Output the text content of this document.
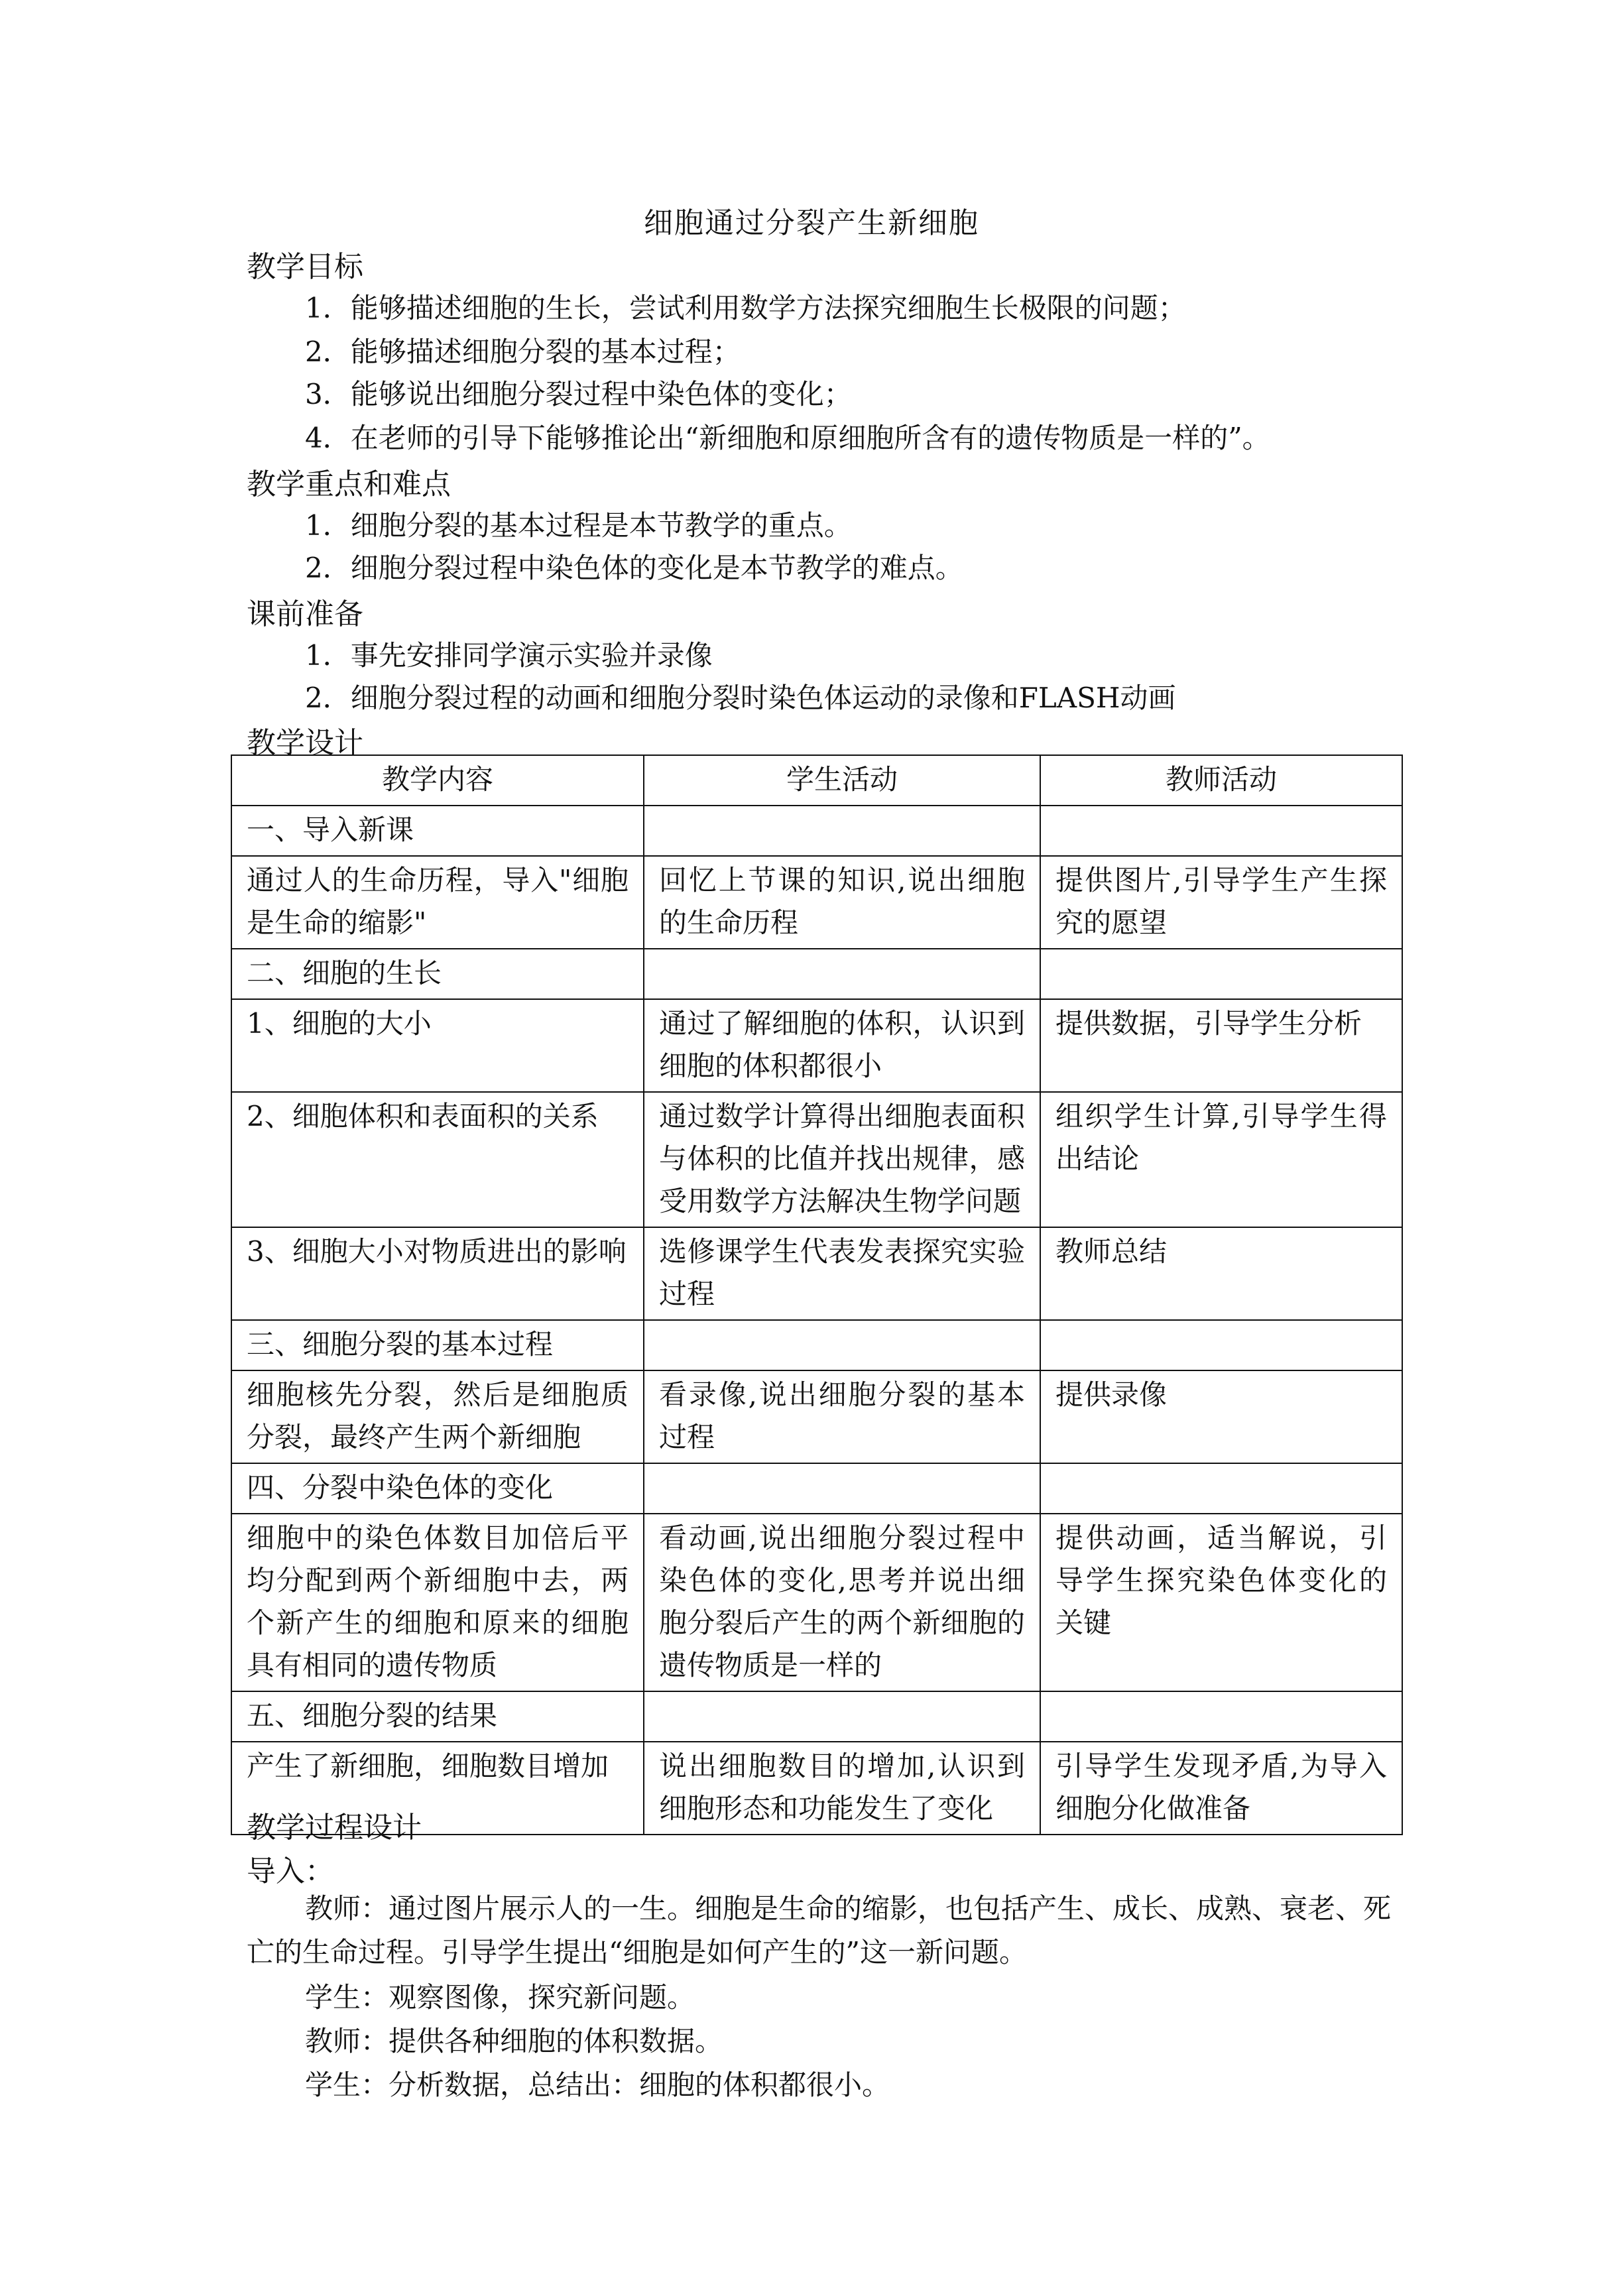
细胞通过分裂产生新细胞
教学目标
1．能够描述细胞的生长，尝试利用数学方法探究细胞生长极限的问题；
2．能够描述细胞分裂的基本过程；
3．能够说出细胞分裂过程中染色体的变化；
4．在老师的引导下能够推论出“新细胞和原细胞所含有的遗传物质是一样的”。
教学重点和难点
1．细胞分裂的基本过程是本节教学的重点。
2．细胞分裂过程中染色体的变化是本节教学的难点。
课前准备
1．事先安排同学演示实验并录像
2．细胞分裂过程的动画和细胞分裂时染色体运动的录像和FLASH动画
教学设计
教学内容	学生活动	教师活动
一、导入新课		
通过人的生命历程，导入"细胞是生命的缩影"	回忆上节课的知识,说出细胞的生命历程	提供图片,引导学生产生探究的愿望
二、细胞的生长		
1、细胞的大小	通过了解细胞的体积，认识到细胞的体积都很小	提供数据，引导学生分析
2、细胞体积和表面积的关系	通过数学计算得出细胞表面积与体积的比值并找出规律，感受用数学方法解决生物学问题	组织学生计算,引导学生得出结论
3、细胞大小对物质进出的影响	选修课学生代表发表探究实验过程	教师总结
三、细胞分裂的基本过程		
细胞核先分裂，然后是细胞质分裂，最终产生两个新细胞	看录像,说出细胞分裂的基本过程	提供录像
四、分裂中染色体的变化		
细胞中的染色体数目加倍后平均分配到两个新细胞中去，两个新产生的细胞和原来的细胞具有相同的遗传物质	看动画,说出细胞分裂过程中染色体的变化,思考并说出细胞分裂后产生的两个新细胞的遗传物质是一样的	提供动画，适当解说，引导学生探究染色体变化的关键
五、细胞分裂的结果		
产生了新细胞，细胞数目增加	说出细胞数目的增加,认识到细胞形态和功能发生了变化	引导学生发现矛盾,为导入细胞分化做准备
教学过程设计
导入：
教师：通过图片展示人的一生。细胞是生命的缩影，也包括产生、成长、成熟、衰老、死亡的生命过程。引导学生提出“细胞是如何产生的”这一新问题。
学生：观察图像，探究新问题。
教师：提供各种细胞的体积数据。
学生：分析数据，总结出：细胞的体积都很小。
